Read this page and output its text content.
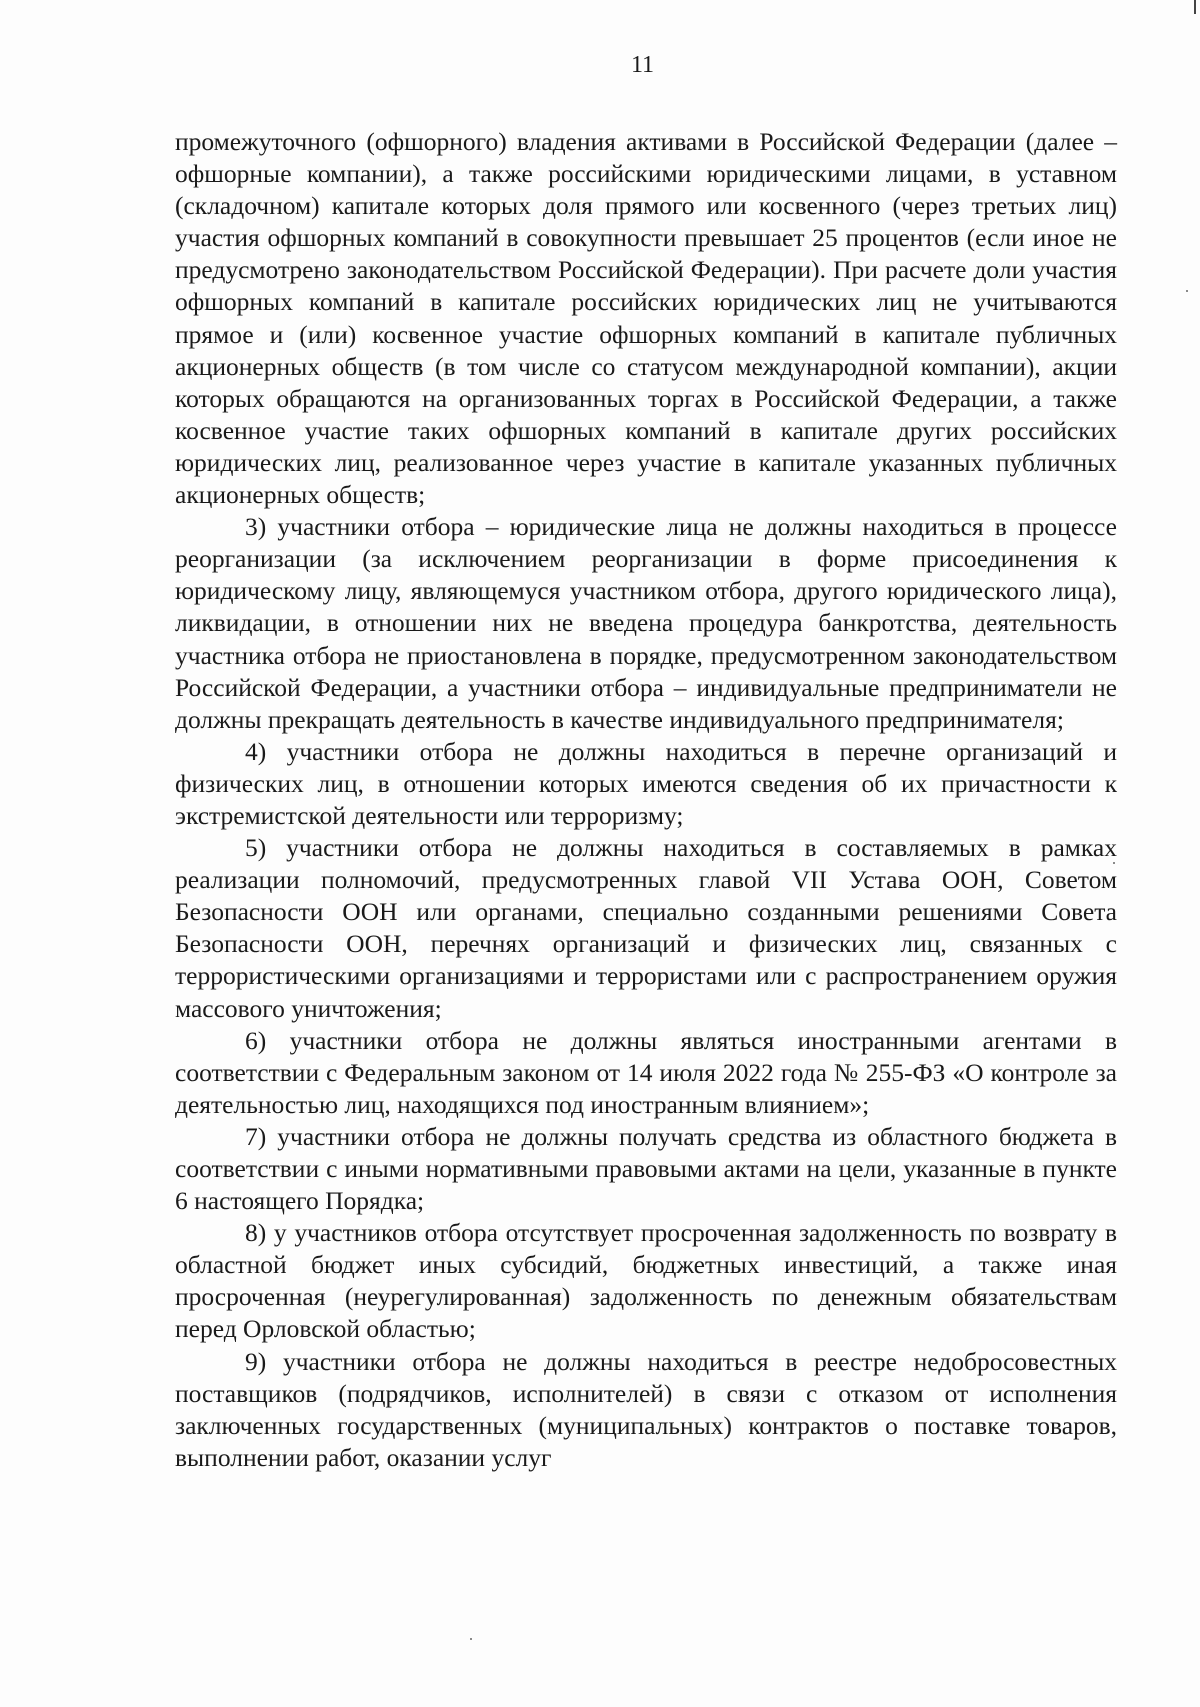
11

промежуточного (офшорного) владения активами в Российской Федерации (далее – офшорные компании), а также российскими юридическими лицами, в уставном (складочном) капитале которых доля прямого или косвенного (через третьих лиц) участия офшорных компаний в совокупности превышает 25 процентов (если иное не предусмотрено законодательством Российской Федерации). При расчете доли участия офшорных компаний в капитале российских юридических лиц не учитываются прямое и (или) косвенное участие офшорных компаний в капитале публичных акционерных обществ (в том числе со статусом международной компании), акции которых обращаются на организованных торгах в Российской Федерации, а также косвенное участие таких офшорных компаний в капитале других российских юридических лиц, реализованное через участие в капитале указанных публичных акционерных обществ;

3) участники отбора – юридические лица не должны находиться в процессе реорганизации (за исключением реорганизации в форме присоединения к юридическому лицу, являющемуся участником отбора, другого юридического лица), ликвидации, в отношении них не введена процедура банкротства, деятельность участника отбора не приостановлена в порядке, предусмотренном законодательством Российской Федерации, а участники отбора – индивидуальные предприниматели не должны прекращать деятельность в качестве индивидуального предпринимателя;

4) участники отбора не должны находиться в перечне организаций и физических лиц, в отношении которых имеются сведения об их причастности к экстремистской деятельности или терроризму;

5) участники отбора не должны находиться в составляемых в рамках реализации полномочий, предусмотренных главой VII Устава ООН, Советом Безопасности ООН или органами, специально созданными решениями Совета Безопасности ООН, перечнях организаций и физических лиц, связанных с террористическими организациями и террористами или с распространением оружия массового уничтожения;

6) участники отбора не должны являться иностранными агентами в соответствии с Федеральным законом от 14 июля 2022 года № 255-ФЗ «О контроле за деятельностью лиц, находящихся под иностранным влиянием»;

7) участники отбора не должны получать средства из областного бюджета в соответствии с иными нормативными правовыми актами на цели, указанные в пункте 6 настоящего Порядка;

8) у участников отбора отсутствует просроченная задолженность по возврату в областной бюджет иных субсидий, бюджетных инвестиций, а также иная просроченная (неурегулированная) задолженность по денежным обязательствам перед Орловской областью;

9) участники отбора не должны находиться в реестре недобросовестных поставщиков (подрядчиков, исполнителей) в связи с отказом от исполнения заключенных государственных (муниципальных) контрактов о поставке товаров, выполнении работ, оказании услуг
